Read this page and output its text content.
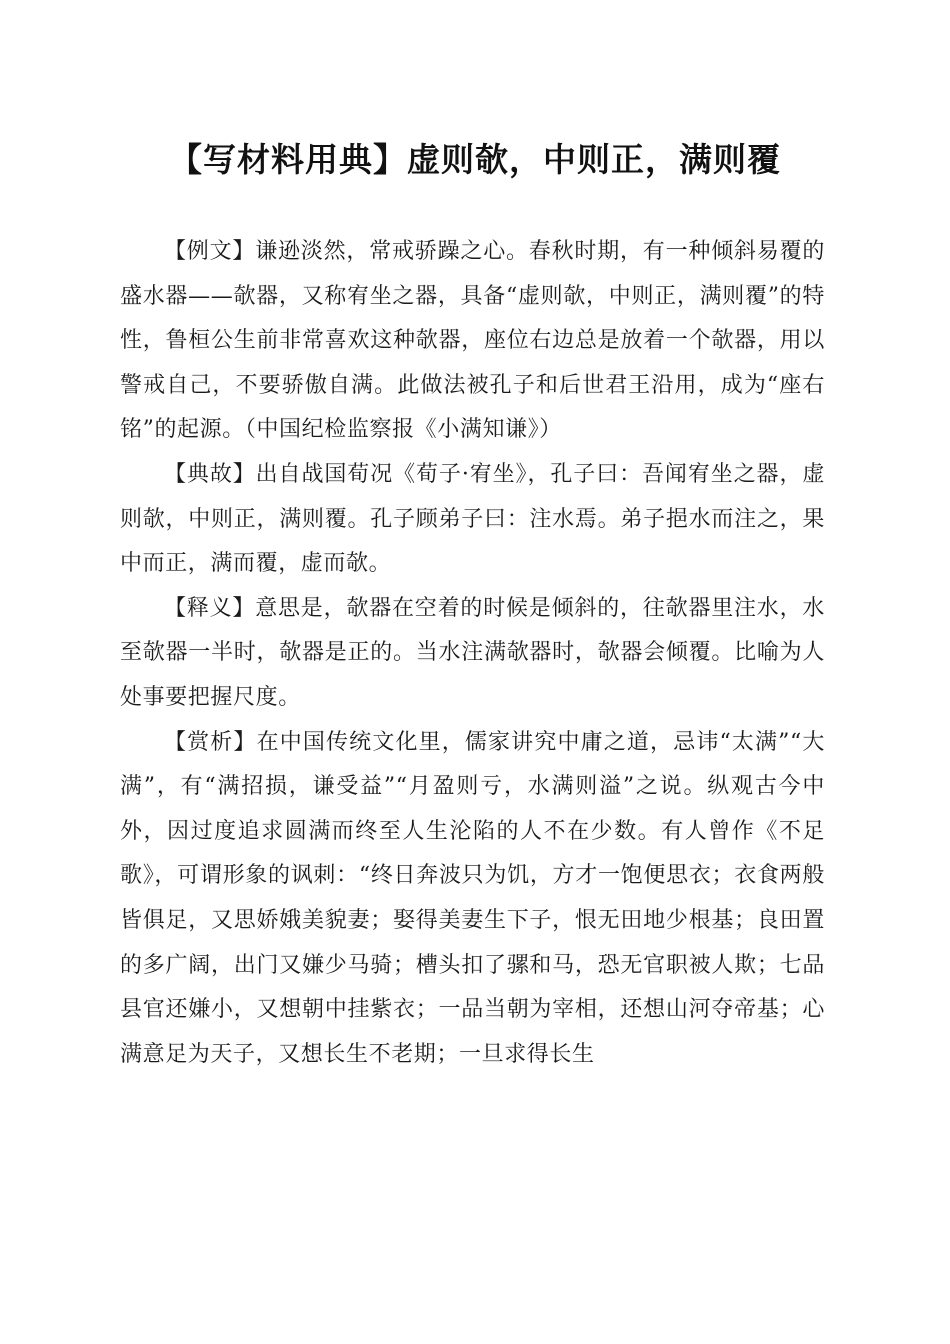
【写材料用典】虚则欹，中则正，满则覆

【例文】谦逊淡然，常戒骄躁之心。春秋时期，有一种倾斜易覆的盛水器——欹器，又称宥坐之器，具备“虚则欹，中则正，满则覆”的特性，鲁桓公生前非常喜欢这种欹器，座位右边总是放着一个欹器，用以警戒自己，不要骄傲自满。此做法被孔子和后世君王沿用，成为“座右铭”的起源。（中国纪检监察报《小满知谦》）

【典故】出自战国荀况《荀子·宥坐》，孔子曰：吾闻宥坐之器，虚则欹，中则正，满则覆。孔子顾弟子曰：注水焉。弟子挹水而注之，果中而正，满而覆，虚而欹。

【释义】意思是，欹器在空着的时候是倾斜的，往欹器里注水，水至欹器一半时，欹器是正的。当水注满欹器时，欹器会倾覆。比喻为人处事要把握尺度。

【赏析】在中国传统文化里，儒家讲究中庸之道，忌讳“太满”“大满”，有“满招损，谦受益”“月盈则亏，水满则溢”之说。纵观古今中外，因过度追求圆满而终至人生沦陷的人不在少数。有人曾作《不足歌》，可谓形象的讽刺：“终日奔波只为饥，方才一饱便思衣；衣食两般皆俱足，又思娇娥美貌妻；娶得美妻生下子，恨无田地少根基；良田置的多广阔，出门又嫌少马骑；槽头扣了骡和马，恐无官职被人欺；七品县官还嫌小，又想朝中挂紫衣；一品当朝为宰相，还想山河夺帝基；心满意足为天子，又想长生不老期；一旦求得长生
